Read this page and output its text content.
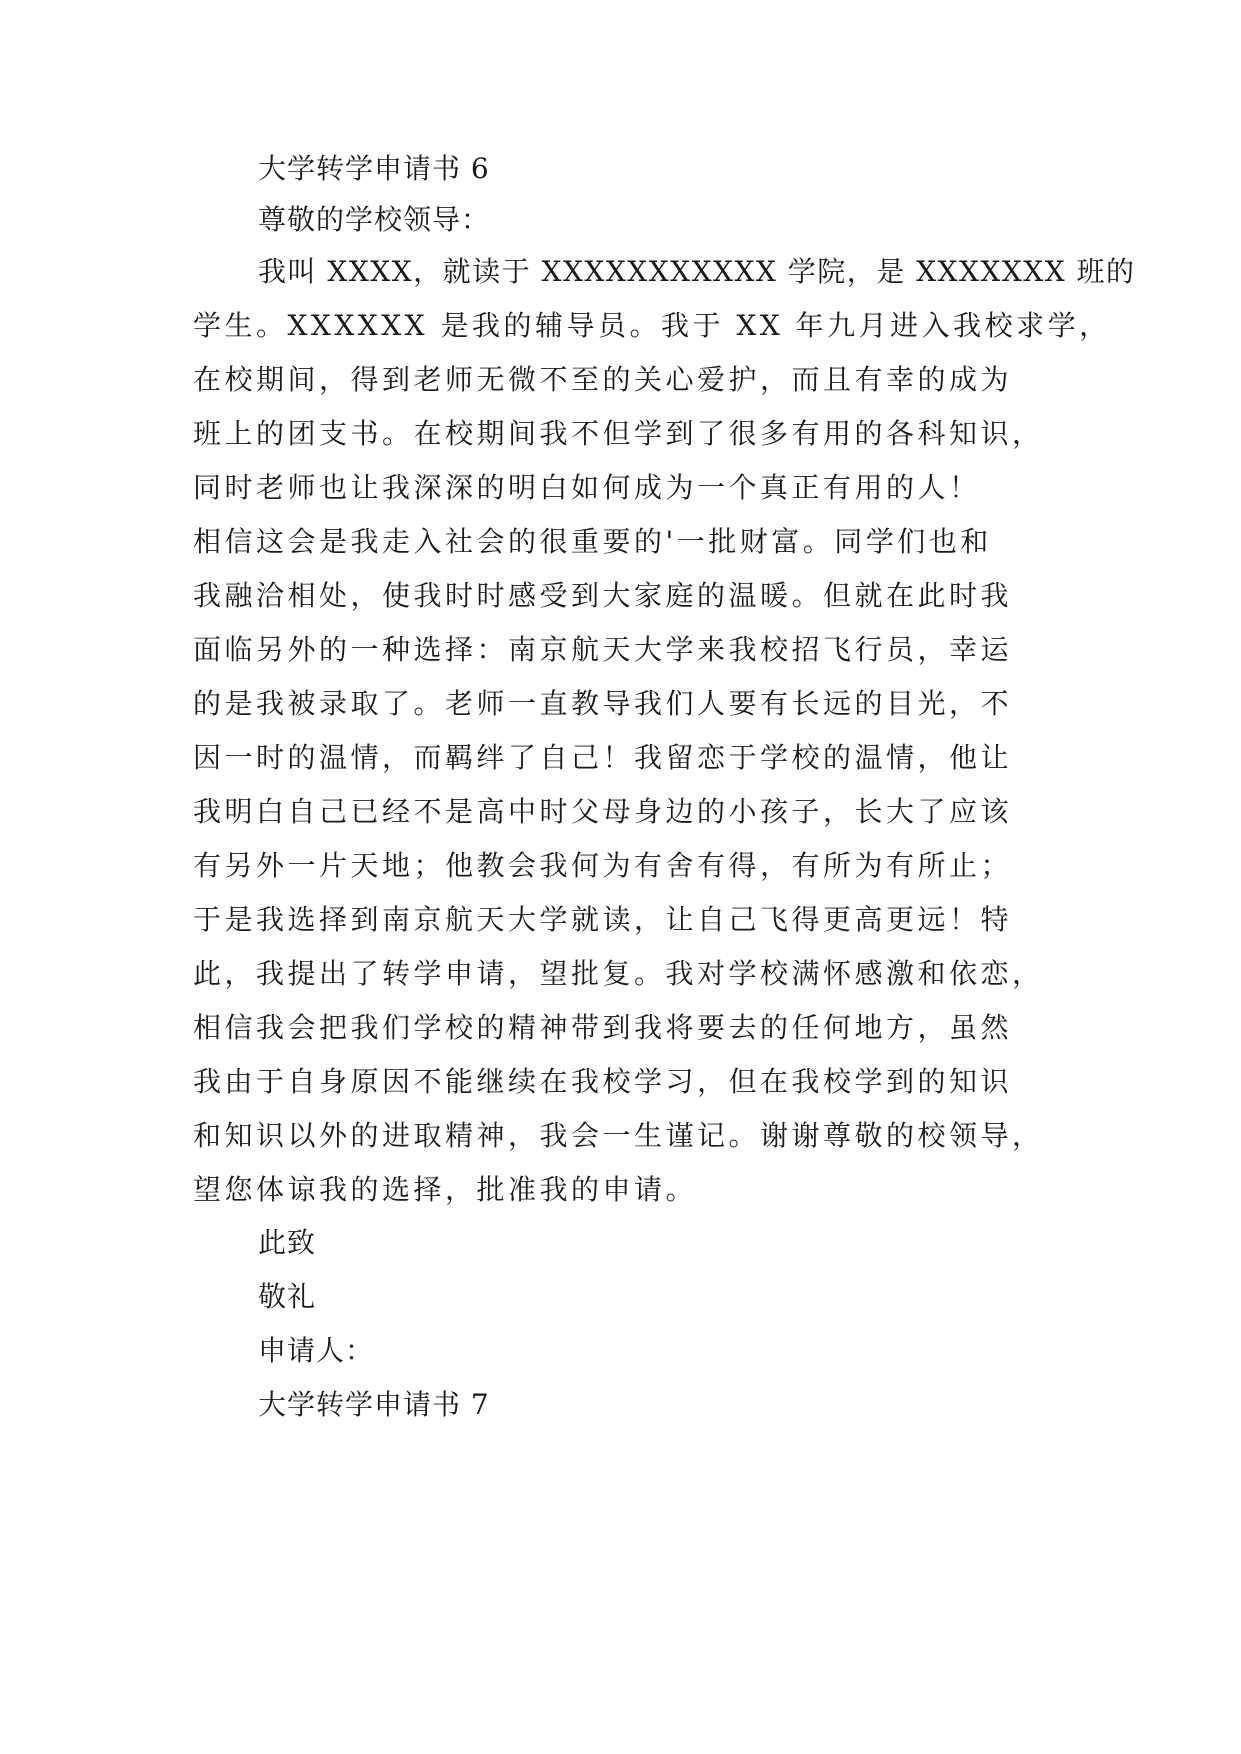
大学转学申请书 6
尊敬的学校领导：
我叫 XXXX，就读于 XXXXXXXXXXX 学院，是 XXXXXXX 班的
学生。XXXXXX 是我的辅导员。我于 XX 年九月进入我校求学，
在校期间，得到老师无微不至的关心爱护，而且有幸的成为
班上的团支书。在校期间我不但学到了很多有用的各科知识，
同时老师也让我深深的明白如何成为一个真正有用的人！
相信这会是我走入社会的很重要的'一批财富。同学们也和
我融洽相处，使我时时感受到大家庭的温暖。但就在此时我
面临另外的一种选择：南京航天大学来我校招飞行员，幸运
的是我被录取了。老师一直教导我们人要有长远的目光，不
因一时的温情，而羁绊了自己！我留恋于学校的温情，他让
我明白自己已经不是高中时父母身边的小孩子，长大了应该
有另外一片天地；他教会我何为有舍有得，有所为有所止；
于是我选择到南京航天大学就读，让自己飞得更高更远！特
此，我提出了转学申请，望批复。我对学校满怀感激和依恋，
相信我会把我们学校的精神带到我将要去的任何地方，虽然
我由于自身原因不能继续在我校学习，但在我校学到的知识
和知识以外的进取精神，我会一生谨记。谢谢尊敬的校领导，
望您体谅我的选择，批准我的申请。
此致
敬礼
申请人：
大学转学申请书 7
